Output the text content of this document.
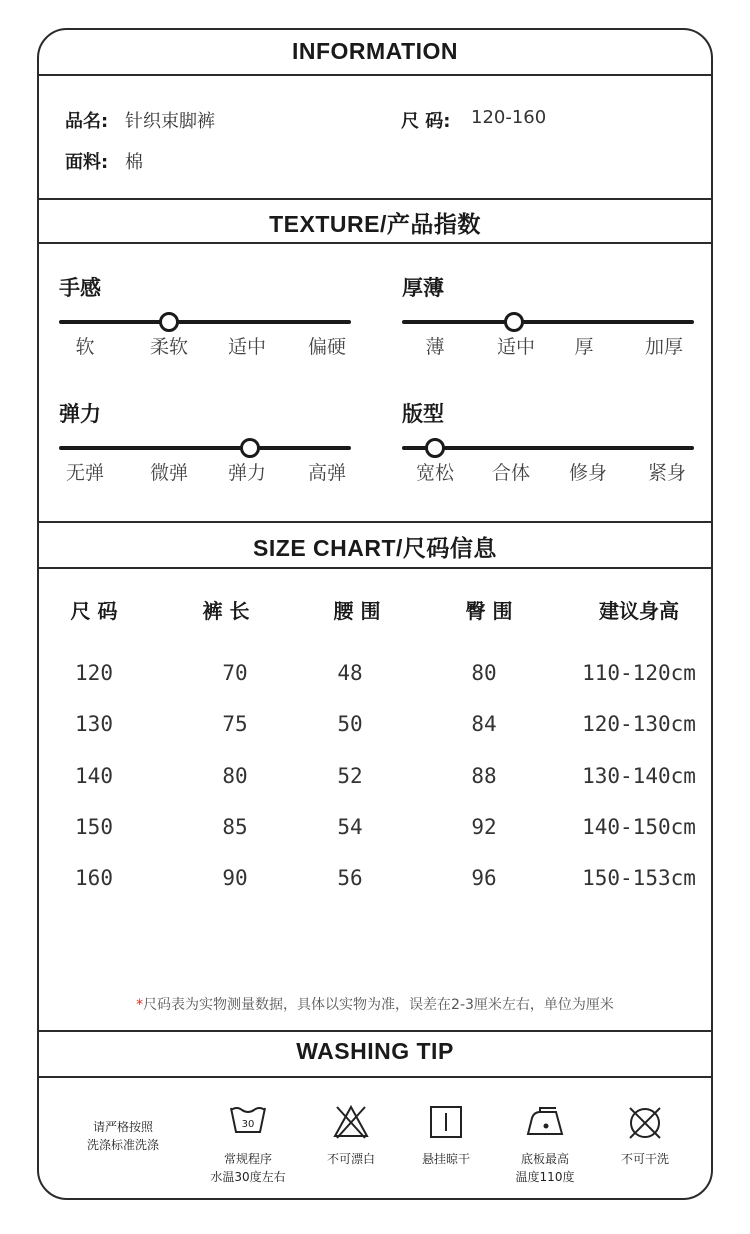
INFORMATION
品名: 针织束脚裤	尺 码: 120-160
面料: 棉
TEXTURE/产品指数
手感
软	柔软 适中 偏硬
厚薄
薄	适中 厚	加厚
弹力
无弹 微弹 弹力 高弹
版型
宽松 合体 修身 紧身
SIZE CHART/尺码信息
尺 码	裤 长	腰 围	臀 围	建议身高
120	70	48	80	110-120cm
130	75	50	84	120-130cm
140	80	52	88	130-140cm
150	85	54	92	140-150cm
160	90	56	96	150-153cm
*尺码表为实物测量数据，具体以实物为准，误差在2-3厘米左右，单位为厘米
WASHING TIP
请严格按照
洗涤标准洗涤
30
常规程序
水温30度左右
不可漂白	悬挂晾干	底板最高
温度110度
不可干洗
